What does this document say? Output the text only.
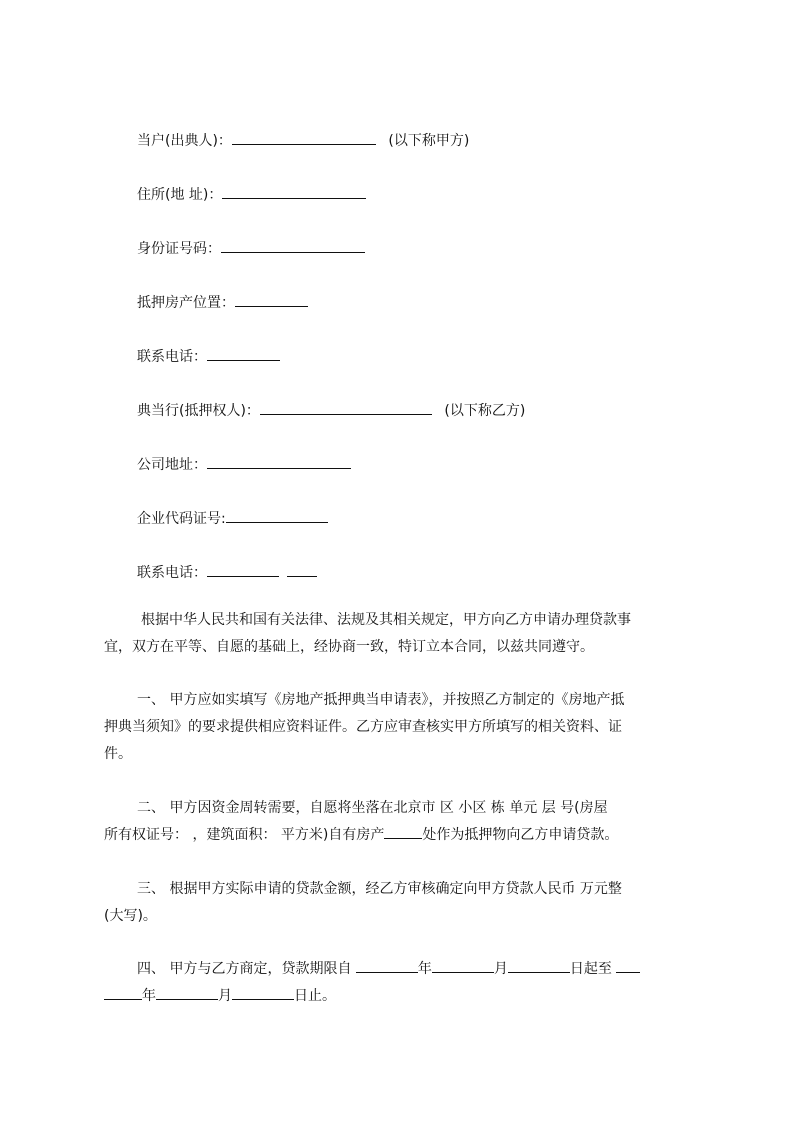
当户(出典人)：	(以下称甲方)
住所(地 址)：
身份证号码：
抵押房产位置：
联系电话：
典当行(抵押权人)：	(以下称乙方)
公司地址：
企业代码证号:
联系电话：
根据中华人民共和国有关法律、法规及其相关规定，甲方向乙方申请办理贷款事
宜，双方在平等、自愿的基础上，经协商一致，特订立本合同，以兹共同遵守。
一、 甲方应如实填写《房地产抵押典当申请表》，并按照乙方制定的《房地产抵
押典当须知》的要求提供相应资料证件。乙方应审查核实甲方所填写的相关资料、证
件。
二、 甲方因资金周转需要，自愿将坐落在北京市 区 小区 栋 单元 层 号(房屋
所有权证号： ，建筑面积： 平方米)自有房产	处作为抵押物向乙方申请贷款。
三、 根据甲方实际申请的贷款金额，经乙方审核确定向甲方贷款人民币 万元整
(大写)。
四、 甲方与乙方商定，贷款期限自	年	月	日起至
年	月	日止。
